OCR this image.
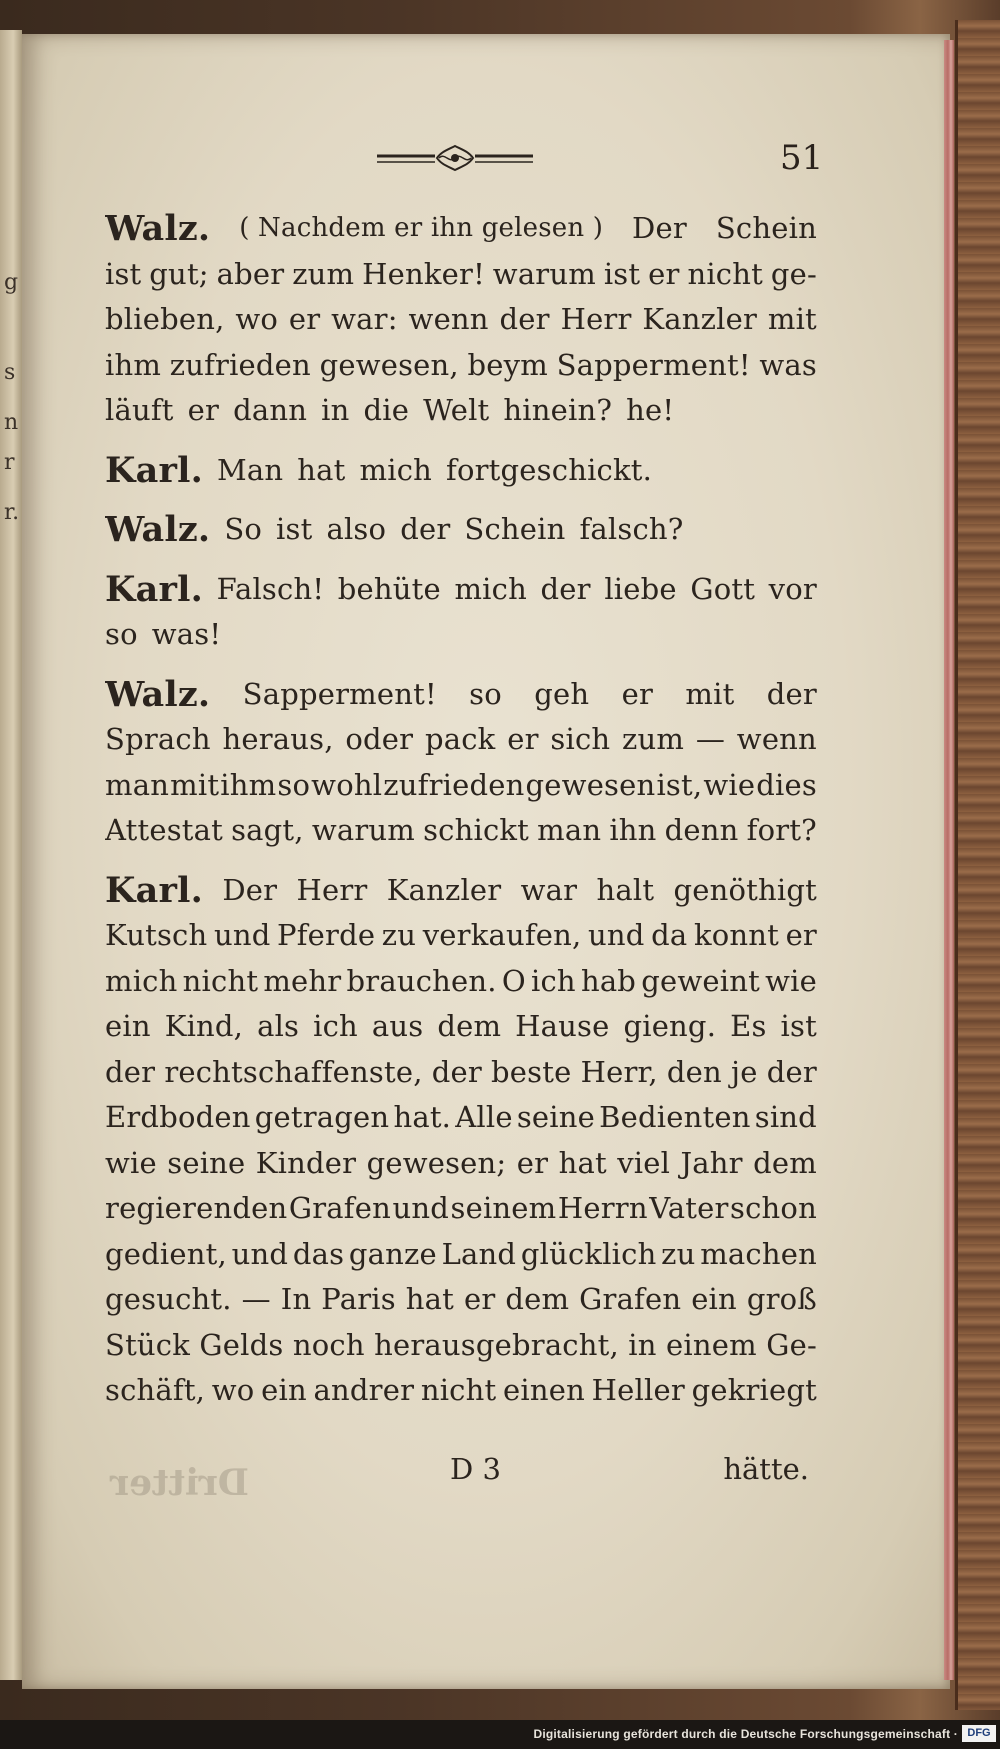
g
s
n
r
r.
51
Walz. ( Nachdem er ihn gelesen ) Der Schein
ist gut; aber zum Henker! warum ist er nicht ge-
blieben, wo er war: wenn der Herr Kanzler mit
ihm zufrieden gewesen, beym Sapperment! was
läuft er dann in die Welt hinein? he!
Karl. Man hat mich fortgeschickt.
Walz. So ist also der Schein falsch?
Karl. Falsch! behüte mich der liebe Gott vor
so was!
Walz. Sapperment! so geh er mit der
Sprach heraus, oder pack er sich zum — wenn
man mit ihm so wohl zufrieden gewesen ist, wie dies
Attestat sagt, warum schickt man ihn denn fort?
Karl. Der Herr Kanzler war halt genöthigt
Kutsch und Pferde zu verkaufen, und da konnt er
mich nicht mehr brauchen. O ich hab geweint wie
ein Kind, als ich aus dem Hause gieng. Es ist
der rechtschaffenste, der beste Herr, den je der
Erdboden getragen hat. Alle seine Bedienten sind
wie seine Kinder gewesen; er hat viel Jahr dem
regierenden Grafen und seinem Herrn Vater schon
gedient, und das ganze Land glücklich zu machen
gesucht. — In Paris hat er dem Grafen ein groß
Stück Gelds noch herausgebracht, in einem Ge-
schäft, wo ein andrer nicht einen Heller gekriegt
Dritter	D 3	hätte.
Digitalisierung gefördert durch die Deutsche Forschungsgemeinschaft · DFG
